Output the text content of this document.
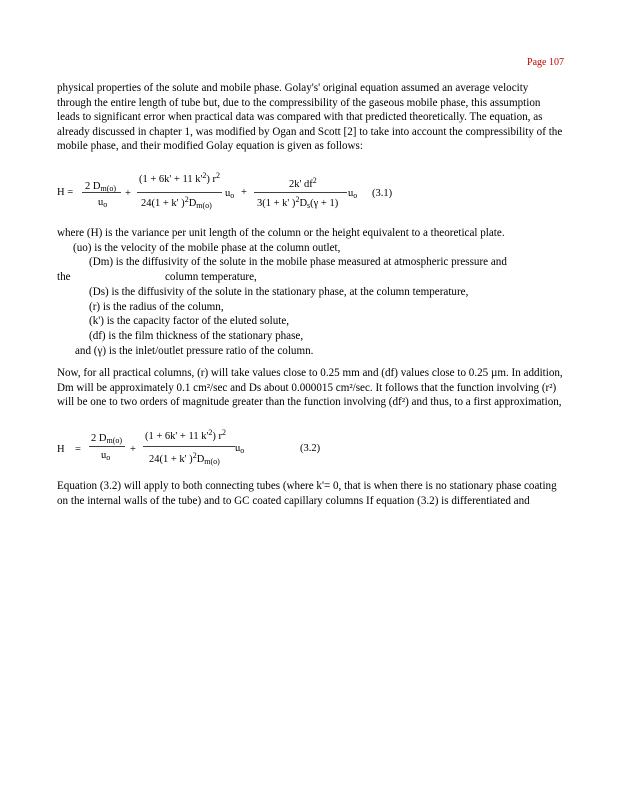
Page 107

physical properties of the solute and mobile phase. Golay's' original equation assumed an average velocity through the entire length of tube but, due to the compressibility of the gaseous mobile phase, this assumption leads to significant error when practical data was compared with that predicted theoretically. The equation, as already discussed in chapter 1, was modified by Ogan and Scott [2] to take into account the compressibility of the mobile phase, and their modified Golay equation is given as follows:

H =
2 Dm(o)
uo
+
(1 + 6k' + 11 $k'^2$) $r^2$
24(1 + k' )$^2$Dm(o)
uo +
2k' $df^2$
3(1 + k' )$^2$Ds(γ + 1)
uo (3.1)
where (H) is the variance per unit length of the column or the height equivalent to a theoretical plate.
(uo) is the velocity of the mobile phase at the column outlet,
(Dm) is the diffusivity of the solute in the mobile phase measured at atmospheric pressure and
the	column temperature,
(Ds) is the diffusivity of the solute in the stationary phase, at the column temperature,
(r) is the radius of the column,
(k') is the capacity factor of the eluted solute,
(df) is the film thickness of the stationary phase,
and (γ) is the inlet/outlet pressure ratio of the column.

Now, for all practical columns, (r) will take values close to 0.25 mm and (df) values close to 0.25 µm. In addition, Dm will be approximately 0.1 cm²/sec and Ds about 0.000015 cm²/sec. It follows that the function involving (r²) will be one to two orders of magnitude greater than the function involving (df²) and thus, to a first approximation,

H =
2 Dm(o)
uo
+
(1 + 6k' + 11 $k'^2$) $r^2$
24(1 + k' )$^2$Dm(o)
uo	(3.2)

Equation (3.2) will apply to both connecting tubes (where k'= 0, that is when there is no stationary phase coating on the internal walls of the tube) and to GC coated capillary columns If equation (3.2) is differentiated and
